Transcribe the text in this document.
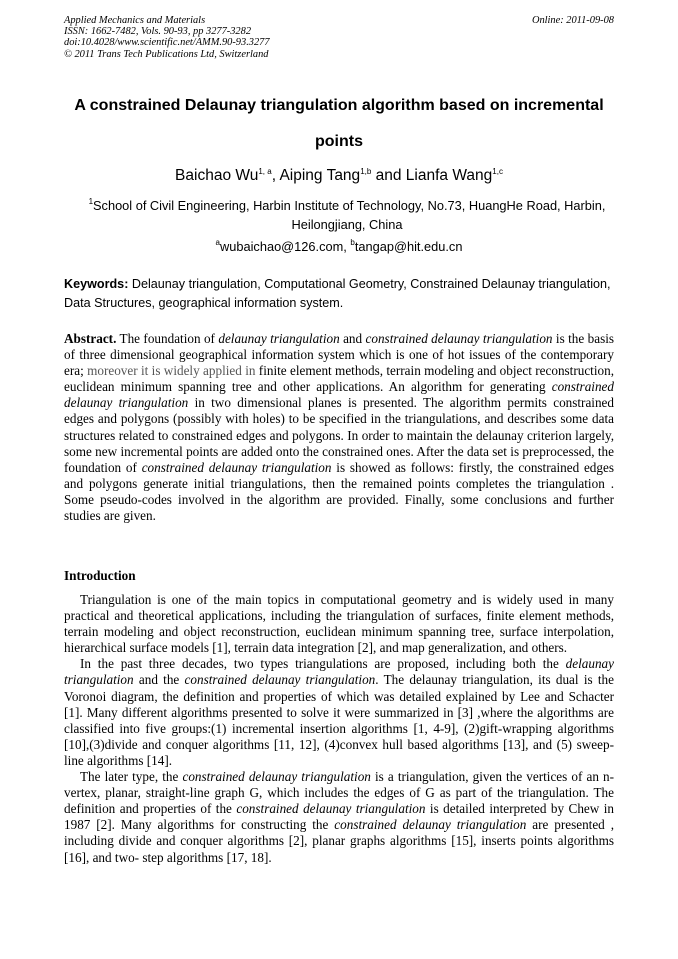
Applied Mechanics and Materials
ISSN: 1662-7482, Vols. 90-93, pp 3277-3282
doi:10.4028/www.scientific.net/AMM.90-93.3277
© 2011 Trans Tech Publications Ltd, Switzerland
Online: 2011-09-08
A constrained Delaunay triangulation algorithm based on incremental points
Baichao Wu$^{1, a}$, Aiping Tang$^{1,b}$ and Lianfa Wang$^{1,c}$
$^1$School of Civil Engineering, Harbin Institute of Technology, No.73, HuangHe Road, Harbin, Heilongjiang, China
$^a$wubaichao@126.com, $^b$tangap@hit.edu.cn
Keywords: Delaunay triangulation, Computational Geometry, Constrained Delaunay triangulation, Data Structures, geographical information system.

Abstract. The foundation of delaunay triangulation and constrained delaunay triangulation is the basis of three dimensional geographical information system which is one of hot issues of the contemporary era; moreover it is widely applied in finite element methods, terrain modeling and object reconstruction, euclidean minimum spanning tree and other applications. An algorithm for generating constrained delaunay triangulation in two dimensional planes is presented. The algorithm permits constrained edges and polygons (possibly with holes) to be specified in the triangulations, and describes some data structures related to constrained edges and polygons. In order to maintain the delaunay criterion largely, some new incremental points are added onto the constrained ones. After the data set is preprocessed, the foundation of constrained delaunay triangulation is showed as follows: firstly, the constrained edges and polygons generate initial triangulations, then the remained points completes the triangulation . Some pseudo-codes involved in the algorithm are provided. Finally, some conclusions and further studies are given.

Introduction

Triangulation is one of the main topics in computational geometry and is widely used in many practical and theoretical applications, including the triangulation of surfaces, finite element methods, terrain modeling and object reconstruction, euclidean minimum spanning tree, surface interpolation, hierarchical surface models [1], terrain data integration [2], and map generalization, and others.

In the past three decades, two types triangulations are proposed, including both the delaunay triangulation and the constrained delaunay triangulation. The delaunay triangulation, its dual is the Voronoi diagram, the definition and properties of which was detailed explained by Lee and Schacter [1]. Many different algorithms presented to solve it were summarized in [3] ,where the algorithms are classified into five groups:(1) incremental insertion algorithms [1, 4-9], (2)gift-wrapping algorithms [10],(3)divide and conquer algorithms [11, 12], (4)convex hull based algorithms [13], and (5) sweep-line algorithms [14].

The later type, the constrained delaunay triangulation is a triangulation, given the vertices of an n-vertex, planar, straight-line graph G, which includes the edges of G as part of the triangulation. The definition and properties of the constrained delaunay triangulation is detailed interpreted by Chew in 1987 [2]. Many algorithms for constructing the constrained delaunay triangulation are presented , including divide and conquer algorithms [2], planar graphs algorithms [15], inserts points algorithms [16], and two- step algorithms [17, 18].
